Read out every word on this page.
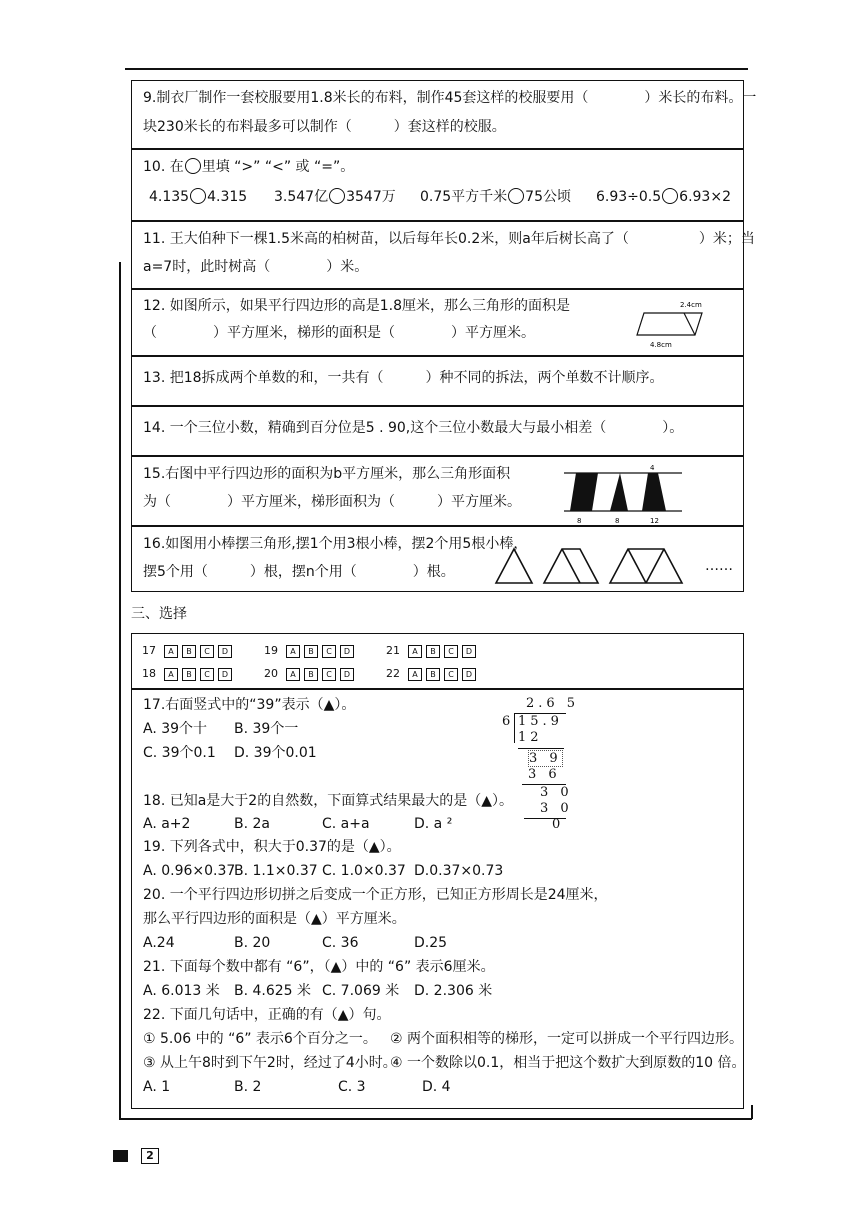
9.制衣厂制作一套校服要用1.8米长的布料，制作45套这样的校服要用（　　　　）米长的布料。一
块230米长的布料最多可以制作（　　　）套这样的校服。
10. 在 里填 “>” “<” 或 “=”。
4.135 4.315 3.547亿 3547万 0.75平方千米 75公顷 6.93÷0.5 6.93×2
11. 王大伯种下一棵1.5米高的柏树苗，以后每年长0.2米，则a年后树长高了（　　　　　）米；当
a=7时，此时树高（　　　　）米。
12. 如图所示，如果平行四边形的高是1.8厘米，那么三角形的面积是
（　　　　）平方厘米，梯形的面积是（　　　　）平方厘米。
2.4cm
4.8cm
13. 把18拆成两个单数的和，一共有（　　　）种不同的拆法，两个单数不计顺序。
14. 一个三位小数，精确到百分位是5 . 90,这个三位小数最大与最小相差（　　　　）。
15.右图中平行四边形的面积为b平方厘米，那么三角形面积
为（　　　　）平方厘米，梯形面积为（　　　）平方厘米。
4
8	8	12
16.如图用小棒摆三角形,摆1个用3根小棒，摆2个用5根小棒，
摆5个用（　　　）根，摆n个用（　　　　）根。	……
三、选择
17 A B C D	19 A B C D	21 A B C D
18 A B C D	20 A B C D	22 A B C D
17.右面竖式中的“39”表示（▲）。
A. 39个十 B. 39个一
C. 39个0.1 D. 39个0.01
2.6 5
6 15.9
12
3 9
3 6
3 0
3 0
0
18. 已知a是大于2的自然数，下面算式结果最大的是（▲）。
A. a+2	B. 2a	C. a+a	D. a ²
19. 下列各式中，积大于0.37的是（▲）。
A. 0.96×0.37
B. 1.1×0.37 C. 1.0×0.37 D.0.37×0.73
20. 一个平行四边形切拼之后变成一个正方形，已知正方形周长是24厘米，
那么平行四边形的面积是（▲）平方厘米。
A.24	B. 20	C. 36	D.25
21. 下面每个数中都有 “6”，（▲）中的 “6” 表示6厘米。
A. 6.013 米 B. 4.625 米 C. 7.069 米 D. 2.306 米
22. 下面几句话中，正确的有（▲）句。
① 5.06 中的 “6” 表示6个百分之一。 ② 两个面积相等的梯形，一定可以拼成一个平行四边形。
③ 从上午8时到下午2时，经过了4小时。
④ 一个数除以0.1，相当于把这个数扩大到原数的10 倍。
A. 1	B. 2	C. 3	D. 4
2
